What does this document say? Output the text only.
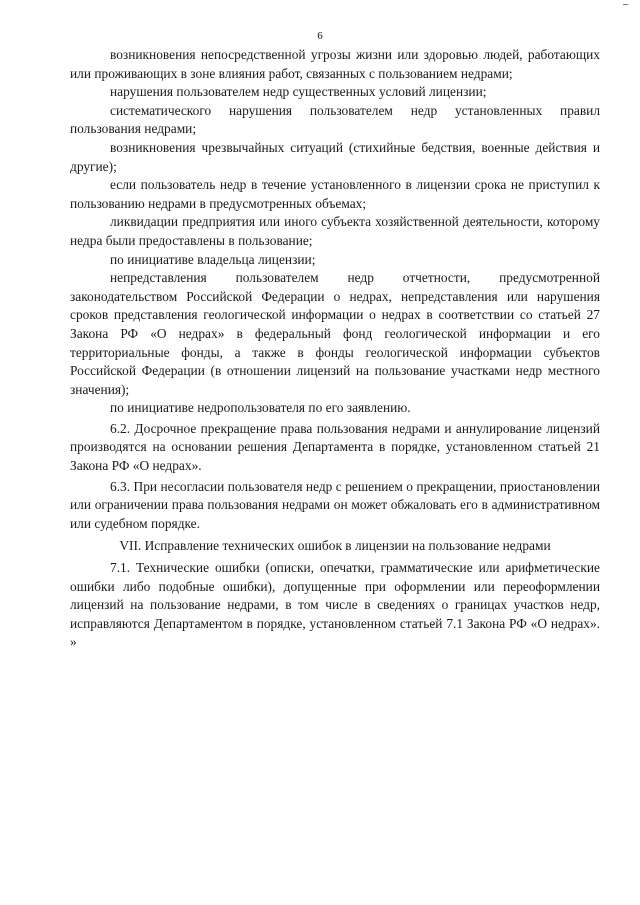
6

возникновения непосредственной угрозы жизни или здоровью людей, работающих или проживающих в зоне влияния работ, связанных с пользованием недрами;

нарушения пользователем недр существенных условий лицензии;

систематического нарушения пользователем недр установленных правил пользования недрами;

возникновения чрезвычайных ситуаций (стихийные бедствия, военные действия и другие);

если пользователь недр в течение установленного в лицензии срока не приступил к пользованию недрами в предусмотренных объемах;

ликвидации предприятия или иного субъекта хозяйственной деятельности, которому недра были предоставлены в пользование;

по инициативе владельца лицензии;

непредставления пользователем недр отчетности, предусмотренной законодательством Российской Федерации о недрах, непредставления или нарушения сроков представления геологической информации о недрах в соответствии со статьей 27 Закона РФ «О недрах» в федеральный фонд геологической информации и его территориальные фонды, а также в фонды геологической информации субъектов Российской Федерации (в отношении лицензий на пользование участками недр местного значения);

по инициативе недропользователя по его заявлению.

6.2. Досрочное прекращение права пользования недрами и аннулирование лицензий производятся на основании решения Департамента в порядке, установленном статьей 21 Закона РФ «О недрах».

6.3. При несогласии пользователя недр с решением о прекращении, приостановлении или ограничении права пользования недрами он может обжаловать его в административном или судебном порядке.

VII. Исправление технических ошибок в лицензии на пользование недрами

7.1. Технические ошибки (описки, опечатки, грамматические или арифметические ошибки либо подобные ошибки), допущенные при оформлении или переоформлении лицензий на пользование недрами, в том числе в сведениях о границах участков недр, исправляются Департаментом в порядке, установленном статьей 7.1 Закона РФ «О недрах». »
